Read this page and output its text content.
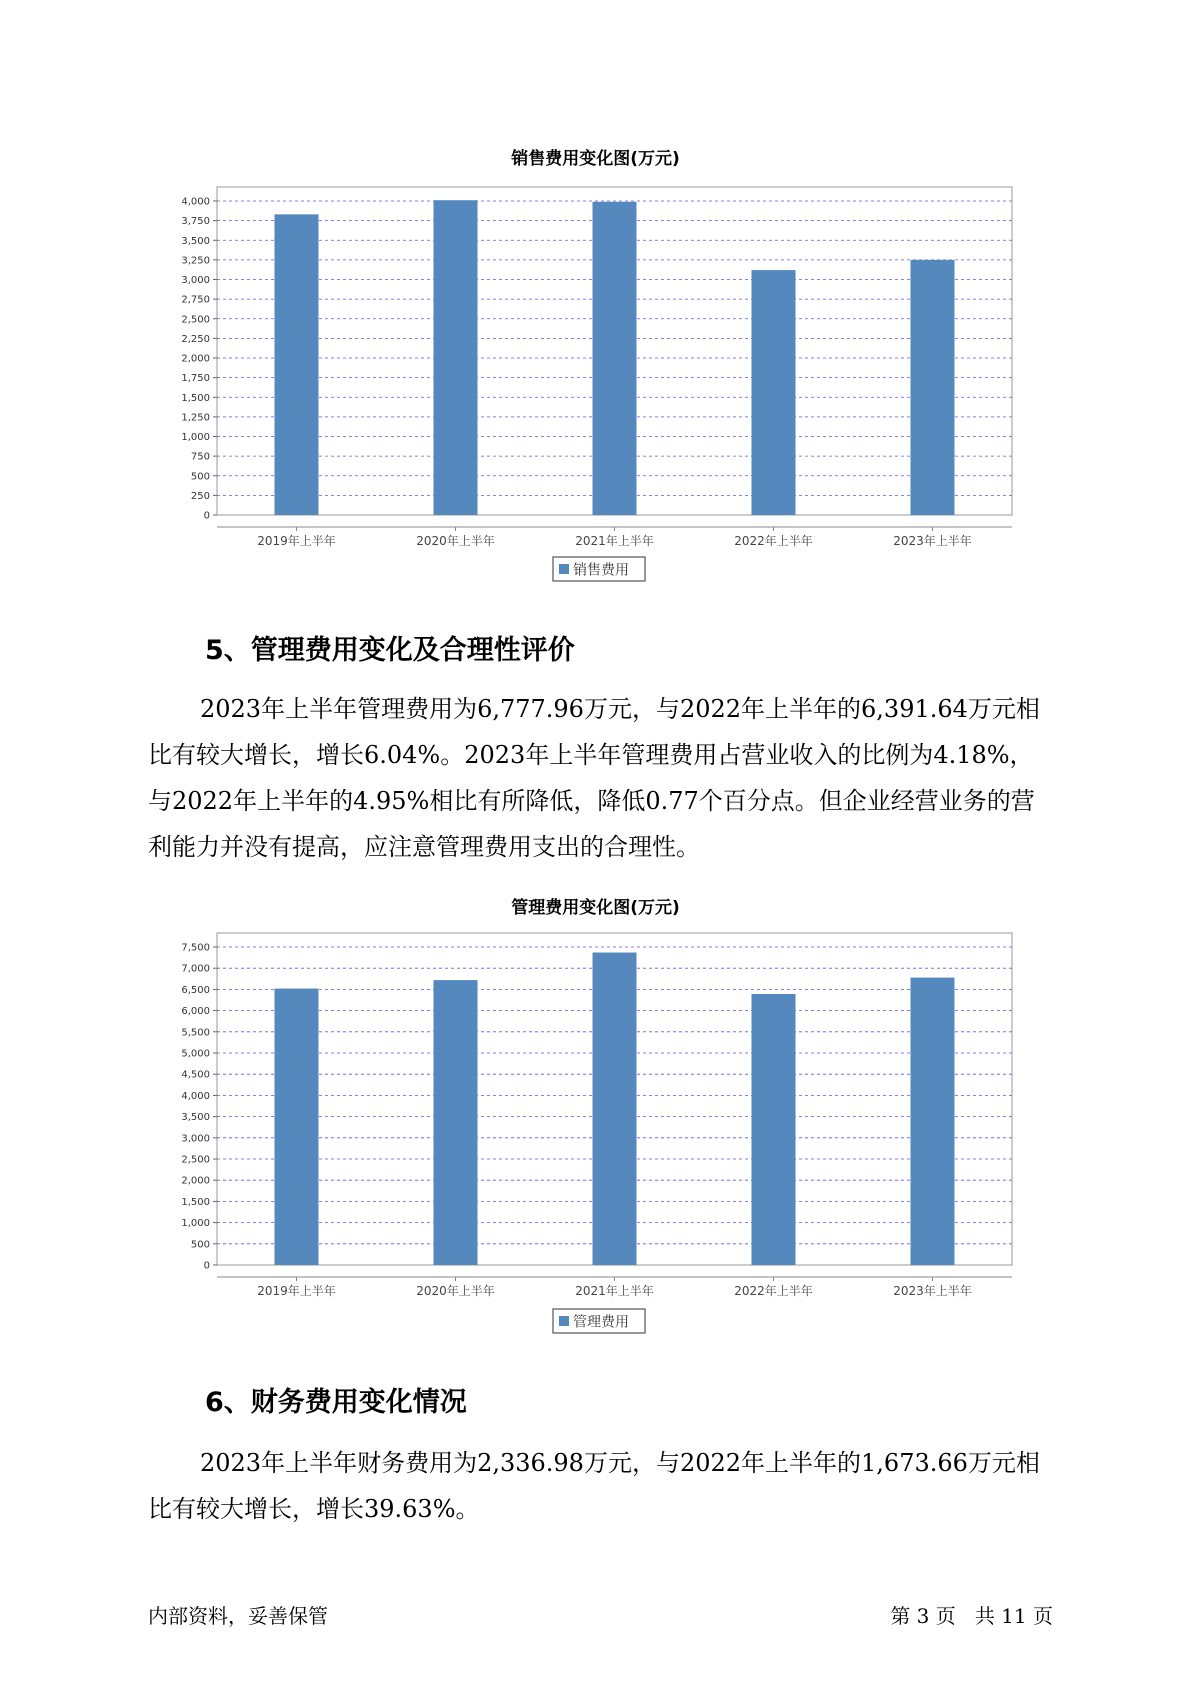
销售费用变化图(万元)
0
250
500
750
1,000
1,250
1,500
1,750
2,000
2,250
2,500
2,750
3,000
3,250
3,500
3,750
4,000
2019年上半年	2020年上半年	2021年上半年	2022年上半年	2023年上半年
销售费用
5、管理费用变化及合理性评价

2023年上半年管理费用为6,777.96万元，与2022年上半年的6,391.64万元相比有较大增长，增长6.04%。2023年上半年管理费用占营业收入的比例为4.18%，与2022年上半年的4.95%相比有所降低，降低0.77个百分点。但企业经营业务的营利能力并没有提高，应注意管理费用支出的合理性。

管理费用变化图(万元)
0
500
1,000
1,500
2,000
2,500
3,000
3,500
4,000
4,500
5,000
5,500
6,000
6,500
7,000
7,500
2019年上半年	2020年上半年	2021年上半年	2022年上半年	2023年上半年
管理费用
6、财务费用变化情况

2023年上半年财务费用为2,336.98万元，与2022年上半年的1,673.66万元相比有较大增长，增长39.63%。

内部资料，妥善保管	第 3 页   共 11 页
